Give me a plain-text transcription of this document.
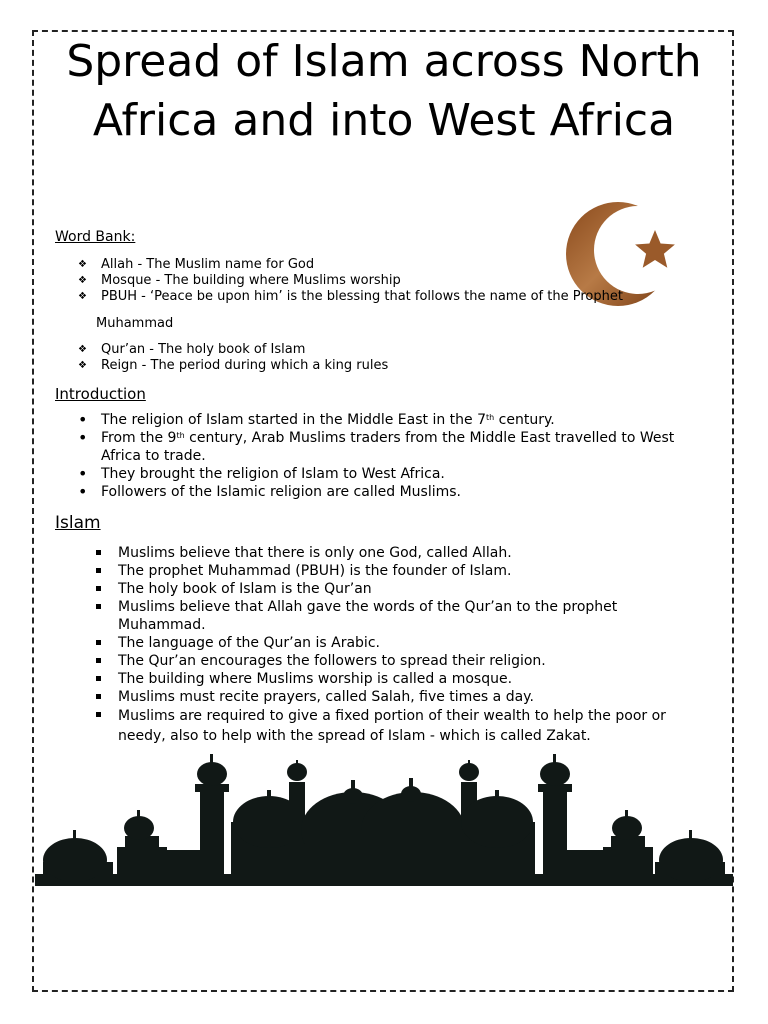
Spread of Islam across North Africa and into West Africa
Word Bank:
❖ Allah - The Muslim name for God
❖ Mosque - The building where Muslims worship
❖ PBUH - ‘Peace be upon him’ is the blessing that follows the name of the Prophet
Muhammad
❖ Qur’an - The holy book of Islam
❖ Reign - The period during which a king rules
Introduction
• The religion of Islam started in the Middle East in the 7th century.
• From the 9th century, Arab Muslims traders from the Middle East travelled to West Africa to trade.
• They brought the religion of Islam to West Africa.
• Followers of the Islamic religion are called Muslims.
Islam
Muslims believe that there is only one God, called Allah.
The prophet Muhammad (PBUH) is the founder of Islam.
The holy book of Islam is the Qur’an
Muslims believe that Allah gave the words of the Qur’an to the prophet Muhammad.
The language of the Qur’an is Arabic.
The Qur’an encourages the followers to spread their religion.
The building where Muslims worship is called a mosque.
Muslims must recite prayers, called Salah, five times a day.
Muslims are required to give a fixed portion of their wealth to help the poor or needy, also to help with the spread of Islam - which is called Zakat.
